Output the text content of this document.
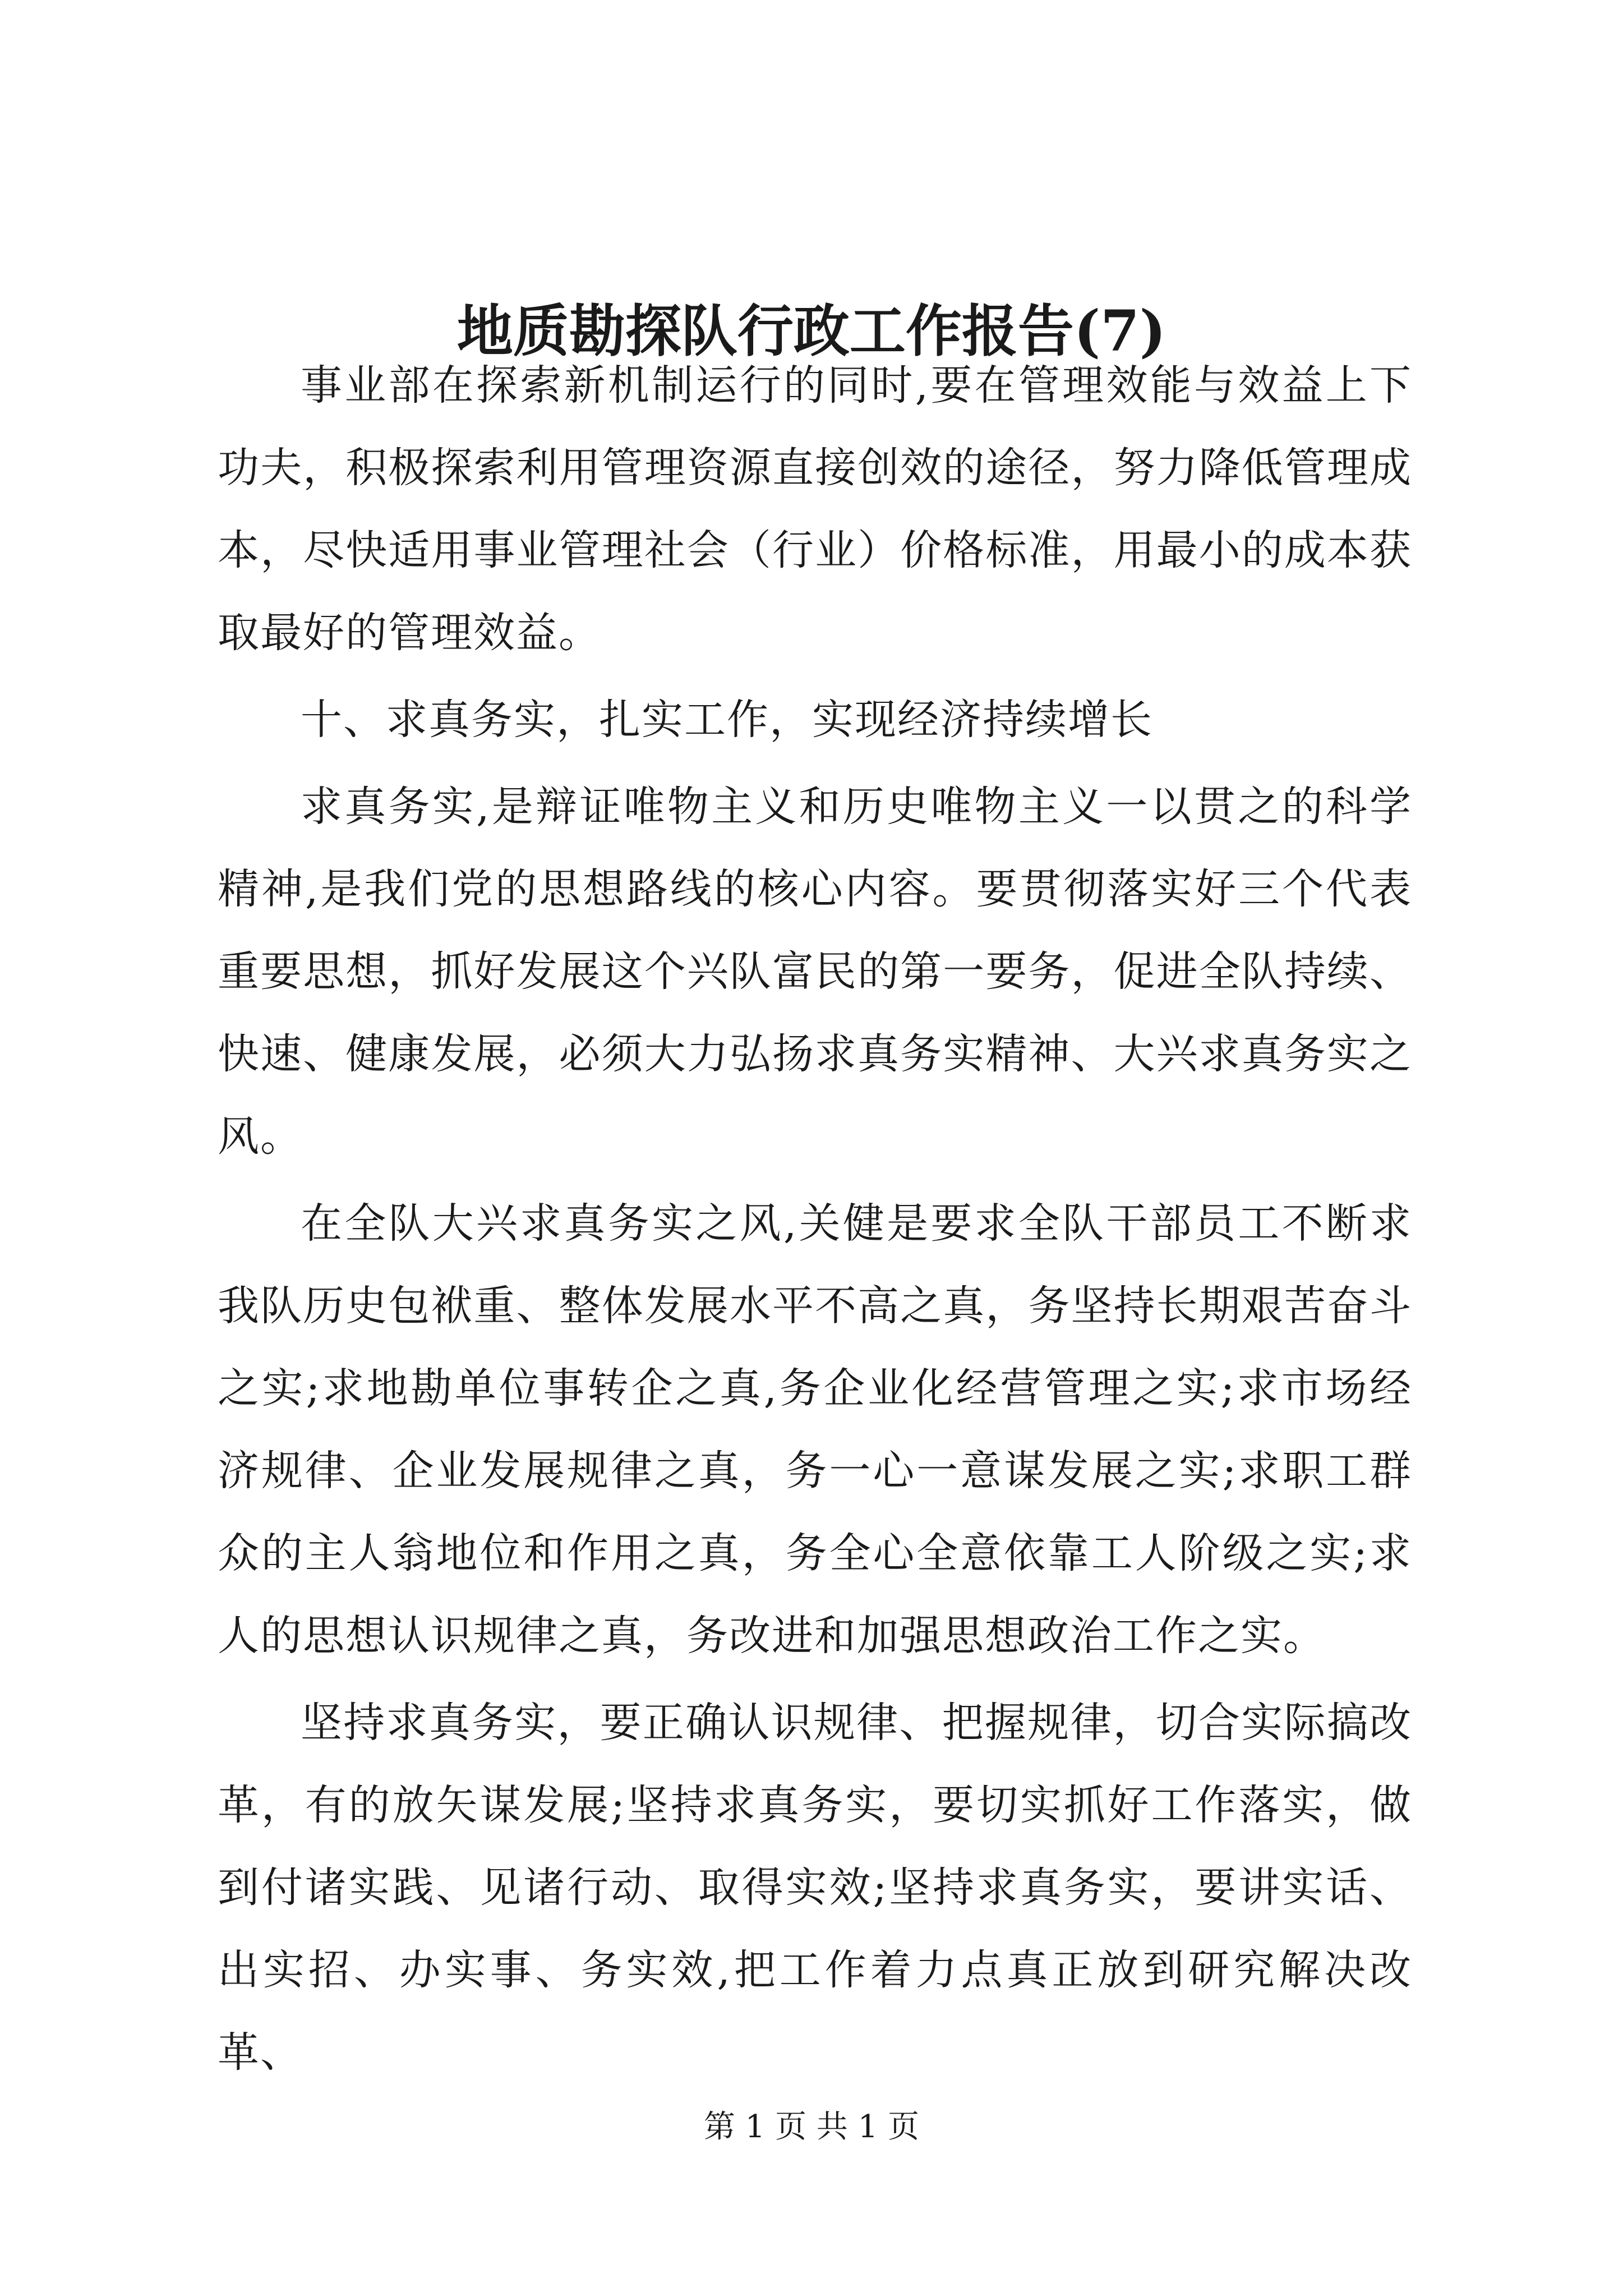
地质勘探队行政工作报告(7)

事业部在探索新机制运行的同时,要在管理效能与效益上下功夫，积极探索利用管理资源直接创效的途径，努力降低管理成本，尽快适用事业管理社会（行业）价格标准，用最小的成本获取最好的管理效益。

十、求真务实，扎实工作，实现经济持续增长

求真务实,是辩证唯物主义和历史唯物主义一以贯之的科学精神,是我们党的思想路线的核心内容。要贯彻落实好三个代表重要思想，抓好发展这个兴队富民的第一要务，促进全队持续、快速、健康发展，必须大力弘扬求真务实精神、大兴求真务实之风。

在全队大兴求真务实之风,关健是要求全队干部员工不断求我队历史包袱重、整体发展水平不高之真，务坚持长期艰苦奋斗之实;求地勘单位事转企之真,务企业化经营管理之实;求市场经济规律、企业发展规律之真，务一心一意谋发展之实;求职工群众的主人翁地位和作用之真，务全心全意依靠工人阶级之实;求人的思想认识规律之真，务改进和加强思想政治工作之实。

坚持求真务实，要正确认识规律、把握规律，切合实际搞改革，有的放矢谋发展;坚持求真务实，要切实抓好工作落实，做到付诸实践、见诸行动、取得实效;坚持求真务实，要讲实话、出实招、办实事、务实效,把工作着力点真正放到研究解决改革、

第 1 页 共 1 页
